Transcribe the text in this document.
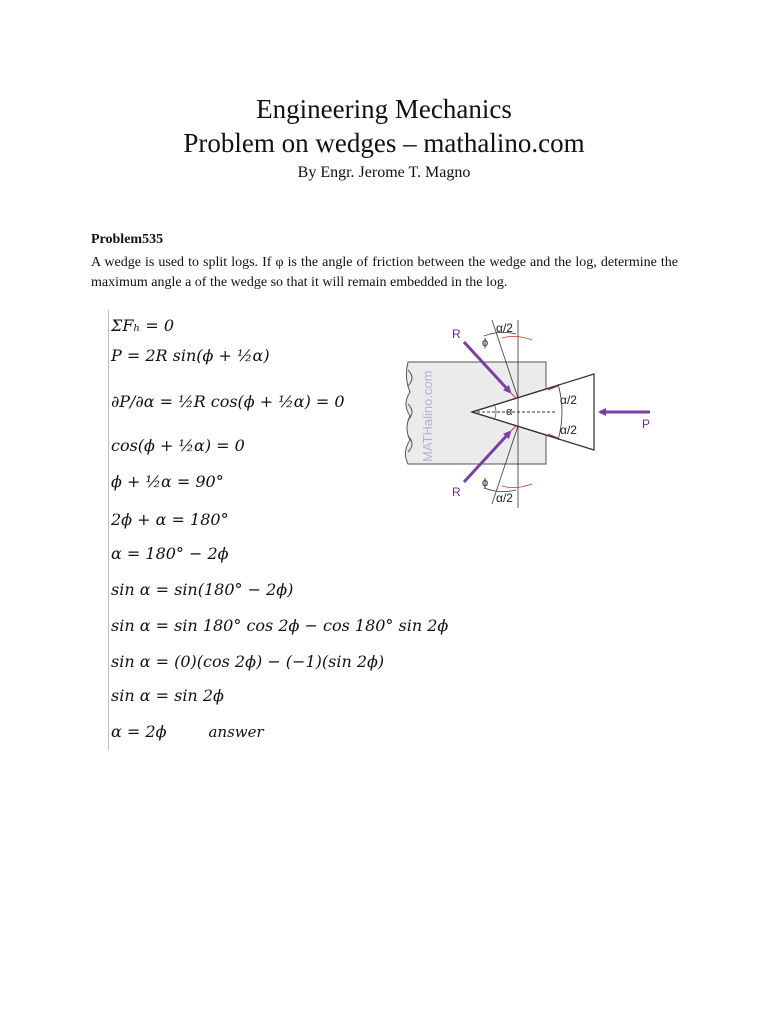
Engineering Mechanics
Problem on wedges – mathalino.com
By Engr. Jerome T. Magno
Problem535
A wedge is used to split logs. If φ is the angle of friction between the wedge and the log, determine the maximum angle a of the wedge so that it will remain embedded in the log.
ΣFₕ = 0
P = 2R sin(ϕ + ½α)
∂P/∂α = ½R cos(ϕ + ½α) = 0
cos(ϕ + ½α) = 0
ϕ + ½α = 90°
2ϕ + α = 180°
α = 180° − 2ϕ
sin α = sin(180° − 2ϕ)
sin α = sin 180° cos 2ϕ − cos 180° sin 2ϕ
sin α = (0)(cos 2ϕ) − (−1)(sin 2ϕ)
sin α = sin 2ϕ
α = 2ϕ	answer
MATHalino.com
R
R
ϕ
ϕ
α/2
α/2
α/2
α/2
α
P
